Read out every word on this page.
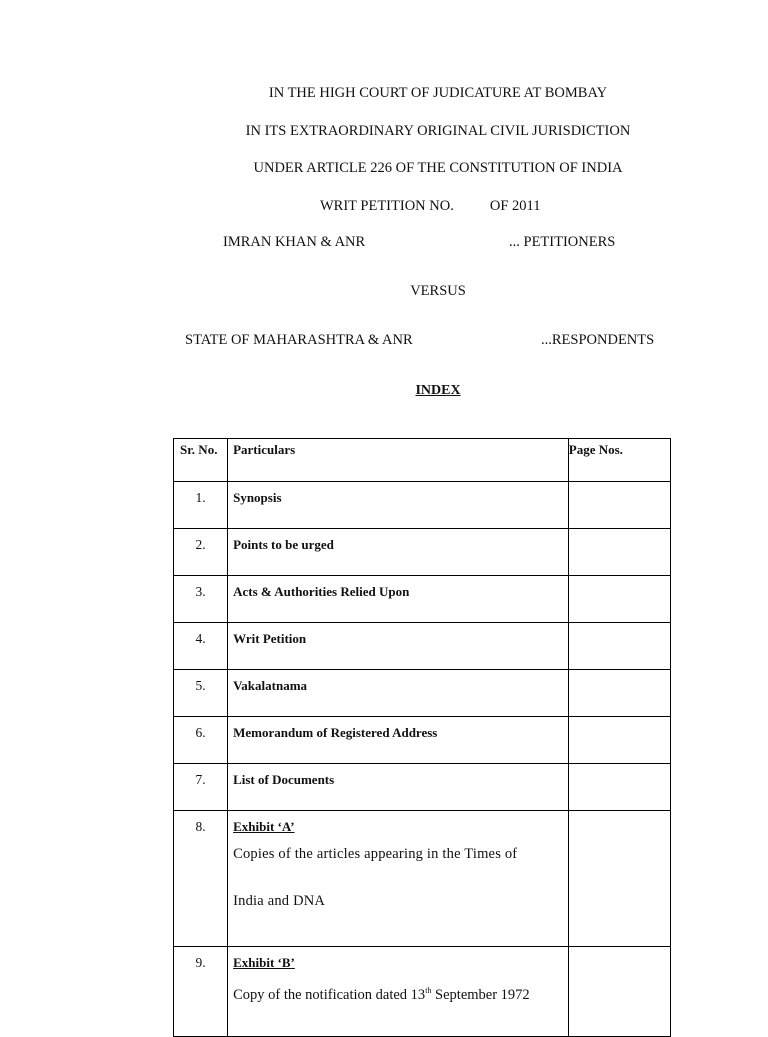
IN THE HIGH COURT OF JUDICATURE AT BOMBAY
IN ITS EXTRAORDINARY ORIGINAL CIVIL JURISDICTION
UNDER ARTICLE 226 OF THE CONSTITUTION OF INDIA
WRIT PETITION NO. OF 2011
IMRAN KHAN & ANR	... PETITIONERS
VERSUS
STATE OF MAHARASHTRA & ANR	...RESPONDENTS
INDEX
Sr. No.	Particulars	Page Nos.
1.	Synopsis	

2.	Points to be urged	

3.	Acts & Authorities Relied Upon	

4.	Writ Petition	

5.	Vakalatnama	

6.	Memorandum of Registered Address	

7.	List of Documents	

8.	Exhibit ‘A’
Copies of the articles appearing in the Times of
India and DNA	

9.	Exhibit ‘B’
Copy of the notification dated 13th September 1972	
